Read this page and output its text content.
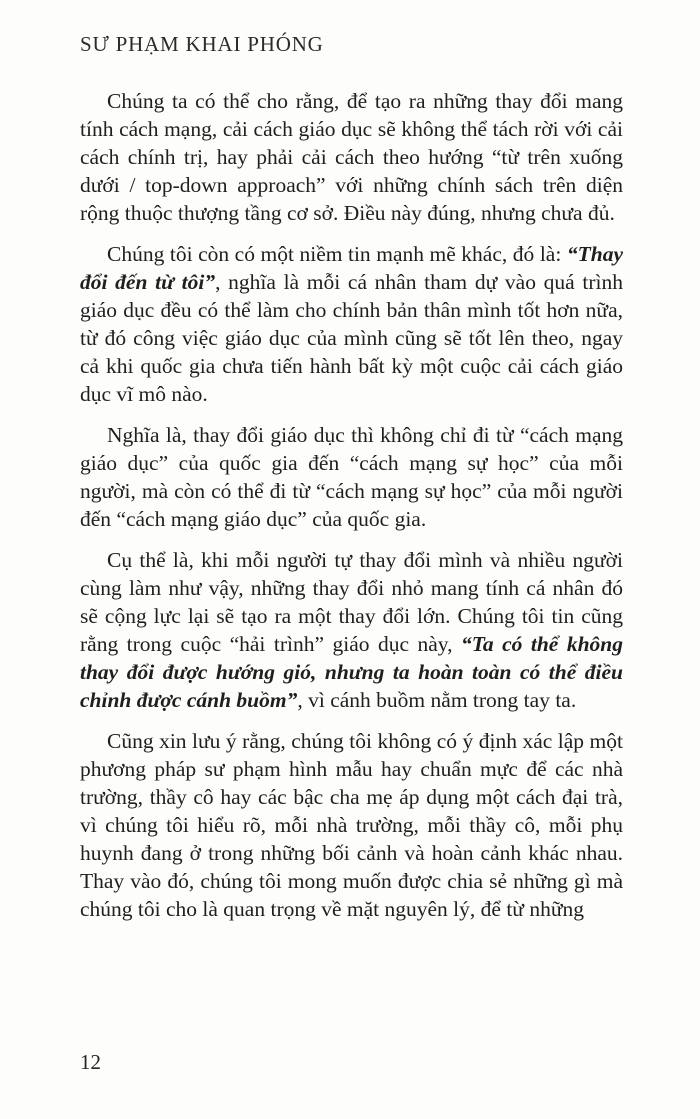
SƯ PHẠM KHAI PHÓNG

Chúng ta có thể cho rằng, để tạo ra những thay đổi mang tính cách mạng, cải cách giáo dục sẽ không thể tách rời với cải cách chính trị, hay phải cải cách theo hướng “từ trên xuống dưới / top-down approach” với những chính sách trên diện rộng thuộc thượng tầng cơ sở. Điều này đúng, nhưng chưa đủ.

Chúng tôi còn có một niềm tin mạnh mẽ khác, đó là: “Thay đổi đến từ tôi”, nghĩa là mỗi cá nhân tham dự vào quá trình giáo dục đều có thể làm cho chính bản thân mình tốt hơn nữa, từ đó công việc giáo dục của mình cũng sẽ tốt lên theo, ngay cả khi quốc gia chưa tiến hành bất kỳ một cuộc cải cách giáo dục vĩ mô nào.

Nghĩa là, thay đổi giáo dục thì không chỉ đi từ “cách mạng giáo dục” của quốc gia đến “cách mạng sự học” của mỗi người, mà còn có thể đi từ “cách mạng sự học” của mỗi người đến “cách mạng giáo dục” của quốc gia.

Cụ thể là, khi mỗi người tự thay đổi mình và nhiều người cùng làm như vậy, những thay đổi nhỏ mang tính cá nhân đó sẽ cộng lực lại sẽ tạo ra một thay đổi lớn. Chúng tôi tin cũng rằng trong cuộc “hải trình” giáo dục này, “Ta có thể không thay đổi được hướng gió, nhưng ta hoàn toàn có thể điều chỉnh được cánh buồm”, vì cánh buồm nằm trong tay ta.

Cũng xin lưu ý rằng, chúng tôi không có ý định xác lập một phương pháp sư phạm hình mẫu hay chuẩn mực để các nhà trường, thầy cô hay các bậc cha mẹ áp dụng một cách đại trà, vì chúng tôi hiểu rõ, mỗi nhà trường, mỗi thầy cô, mỗi phụ huynh đang ở trong những bối cảnh và hoàn cảnh khác nhau. Thay vào đó, chúng tôi mong muốn được chia sẻ những gì mà chúng tôi cho là quan trọng về mặt nguyên lý, để từ những

12
